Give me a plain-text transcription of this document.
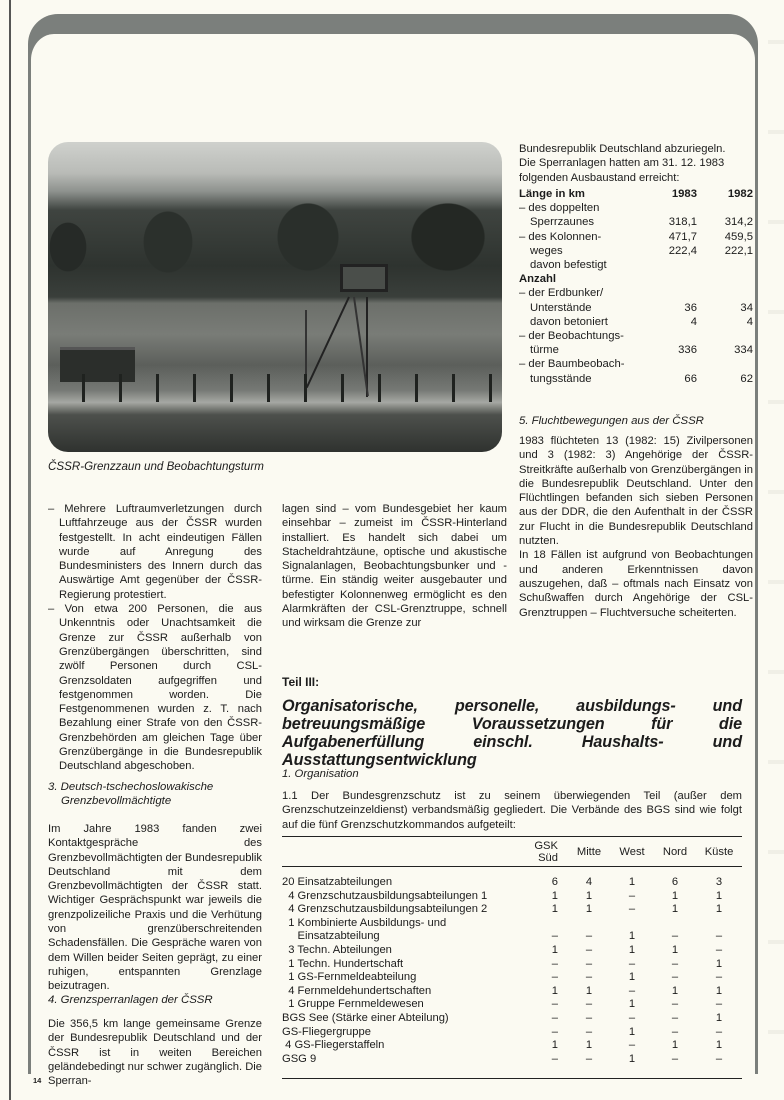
ČSSR-Grenzzaun und Beobachtungsturm

Bundesrepublik Deutschland abzuriegeln.

Die Sperranlagen hatten am 31. 12. 1983

folgenden Ausbaustand erreicht:

Länge in km	1983	1982
– des doppelten
Sperrzaunes	318,1	314,2
– des Kolonnen-	471,7	459,5
weges	222,4	222,1
davon befestigt
Anzahl
– der Erdbunker/
Unterstände	36	34
davon betoniert	4	4
– der Beobachtungs-
türme	336	334
– der Baumbeobach-
tungsstände	66	62
5. Fluchtbewegungen aus der ČSSR

1983 flüchteten 13 (1982: 15) Zivilpersonen und 3 (1982: 3) Angehörige der ČSSR-Streitkräfte außerhalb von Grenzübergängen in die Bundesrepublik Deutschland. Unter den Flüchtlingen befanden sich sieben Personen aus der DDR, die den Aufenthalt in der ČSSR zur Flucht in die Bundesrepublik Deutschland nutzten.

In 18 Fällen ist aufgrund von Beobachtungen und anderen Erkenntnissen davon auszugehen, daß – oftmals nach Einsatz von Schußwaffen durch Angehörige der CSL-Grenztruppen – Fluchtversuche scheiterten.

– Mehrere Luftraumverletzungen durch Luftfahrzeuge aus der ČSSR wurden festgestellt. In acht eindeutigen Fällen wurde auf Anregung des Bundesministers des Innern durch das Auswärtige Amt gegenüber der ČSSR-Regierung protestiert.

– Von etwa 200 Personen, die aus Unkenntnis oder Unachtsamkeit die Grenze zur ČSSR außerhalb von Grenzübergängen überschritten, sind zwölf Personen durch CSL-Grenzsoldaten aufgegriffen und festgenommen worden. Die Festgenommenen wurden z. T. nach Bezahlung einer Strafe von den ČSSR-Grenzbehörden am gleichen Tage über Grenzübergänge in die Bundesrepublik Deutschland abgeschoben.

3. Deutsch-tschechoslowakische

Grenzbevollmächtigte

Im Jahre 1983 fanden zwei Kontaktgespräche des Grenzbevollmächtigten der Bundesrepublik Deutschland mit dem Grenzbevollmächtigten der ČSSR statt. Wichtiger Gesprächspunkt war jeweils die grenzpolizeiliche Praxis und die Verhütung von grenzüberschreitenden Schadensfällen. Die Gespräche waren von dem Willen beider Seiten geprägt, zu einer ruhigen, entspannten Grenzlage beizutragen.
4. Grenzsperranlagen der ČSSR
Die 356,5 km lange gemeinsame Grenze der Bundesrepublik Deutschland und der ČSSR ist in weiten Bereichen geländebedingt nur schwer zugänglich. Die Sperran-
lagen sind – vom Bundesgebiet her kaum einsehbar – zumeist im ČSSR-Hinterland installiert. Es handelt sich dabei um Stacheldrahtzäune, optische und akustische Signalanlagen, Beobachtungsbunker und -türme. Ein ständig weiter ausgebauter und befestigter Kolonnenweg ermöglicht es den Alarmkräften der CSL-Grenztruppe, schnell und wirksam die Grenze zur
Teil III:
Organisatorische, personelle, ausbildungs- und betreuungsmäßige Voraussetzungen für die Aufgabenerfüllung einschl. Haushalts- und Ausstattungsentwicklung
1. Organisation
1.1 Der Bundesgrenzschutz ist zu seinem überwiegenden Teil (außer dem Grenzschutzeinzeldienst) verbandsmäßig gegliedert. Die Verbände des BGS sind wie folgt auf die fünf Grenzschutzkommandos aufgeteilt:
GSK Süd	Mitte	West	Nord	Küste
20 Einsatzabteilungen	6	4	1	6	3
4 Grenzschutzausbildungsabteilungen 1	1	1	–	1	1
4 Grenzschutzausbildungsabteilungen 2	1	1	–	1	1
1 Kombinierte Ausbildungs- und
Einsatzabteilung	–	–	1	–	–
3 Techn. Abteilungen	1	–	1	1	–
1 Techn. Hundertschaft	–	–	–	–	1
1 GS-Fernmeldeabteilung	–	–	1	–	–
4 Fernmeldehundertschaften	1	1	–	1	1
1 Gruppe Fernmeldewesen	–	–	1	–	–
BGS See (Stärke einer Abteilung)	–	–	–	–	1
GS-Fliegergruppe	–	–	1	–	–
4 GS-Fliegerstaffeln	1	1	–	1	1
GSG 9	–	–	1	–	–
14
